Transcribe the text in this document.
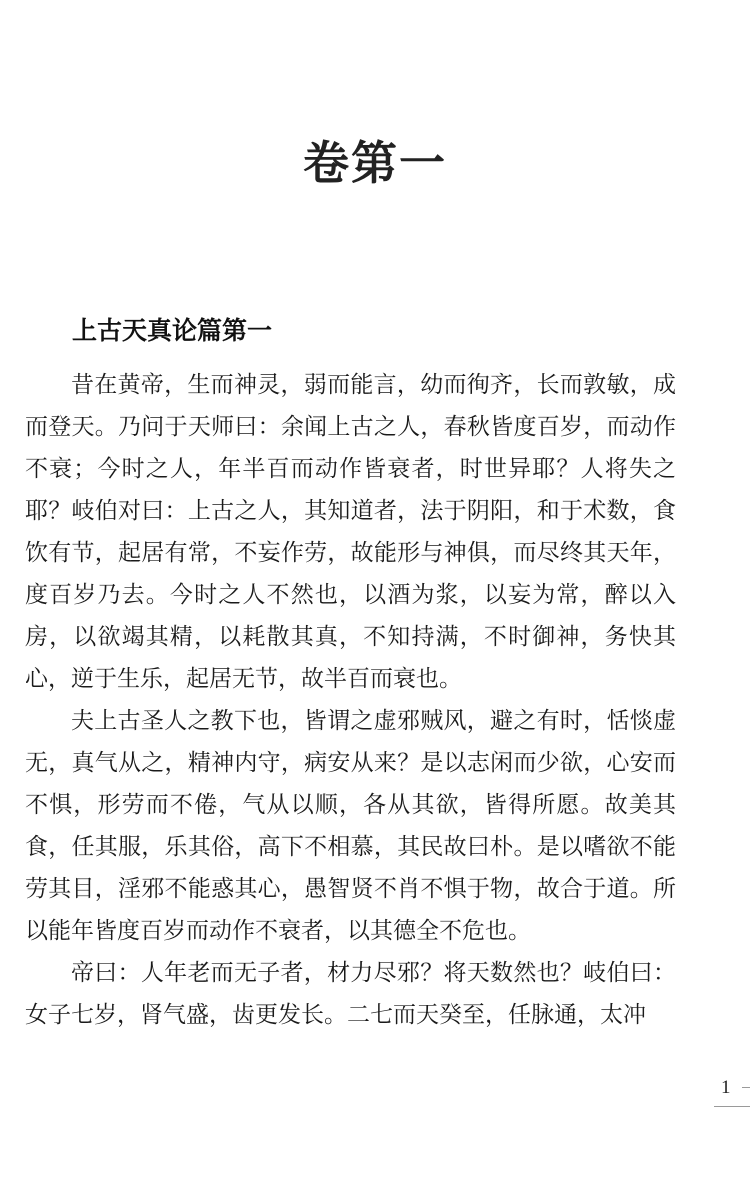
卷第一
上古天真论篇第一

昔在黄帝，生而神灵，弱而能言，幼而徇齐，长而敦敏，成而登天。乃问于天师曰：余闻上古之人，春秋皆度百岁，而动作不衰；今时之人，年半百而动作皆衰者，时世异耶？人将失之耶？岐伯对曰：上古之人，其知道者，法于阴阳，和于术数，食饮有节，起居有常，不妄作劳，故能形与神俱，而尽终其天年，度百岁乃去。今时之人不然也，以酒为浆，以妄为常，醉以入房，以欲竭其精，以耗散其真，不知持满，不时御神，务快其心，逆于生乐，起居无节，故半百而衰也。

夫上古圣人之教下也，皆谓之虚邪贼风，避之有时，恬惔虚无，真气从之，精神内守，病安从来？是以志闲而少欲，心安而不惧，形劳而不倦，气从以顺，各从其欲，皆得所愿。故美其食，任其服，乐其俗，高下不相慕，其民故曰朴。是以嗜欲不能劳其目，淫邪不能惑其心，愚智贤不肖不惧于物，故合于道。所以能年皆度百岁而动作不衰者，以其德全不危也。

帝曰：人年老而无子者，材力尽邪？将天数然也？岐伯曰：女子七岁，肾气盛，齿更发长。二七而天癸至，任脉通，太冲

1
